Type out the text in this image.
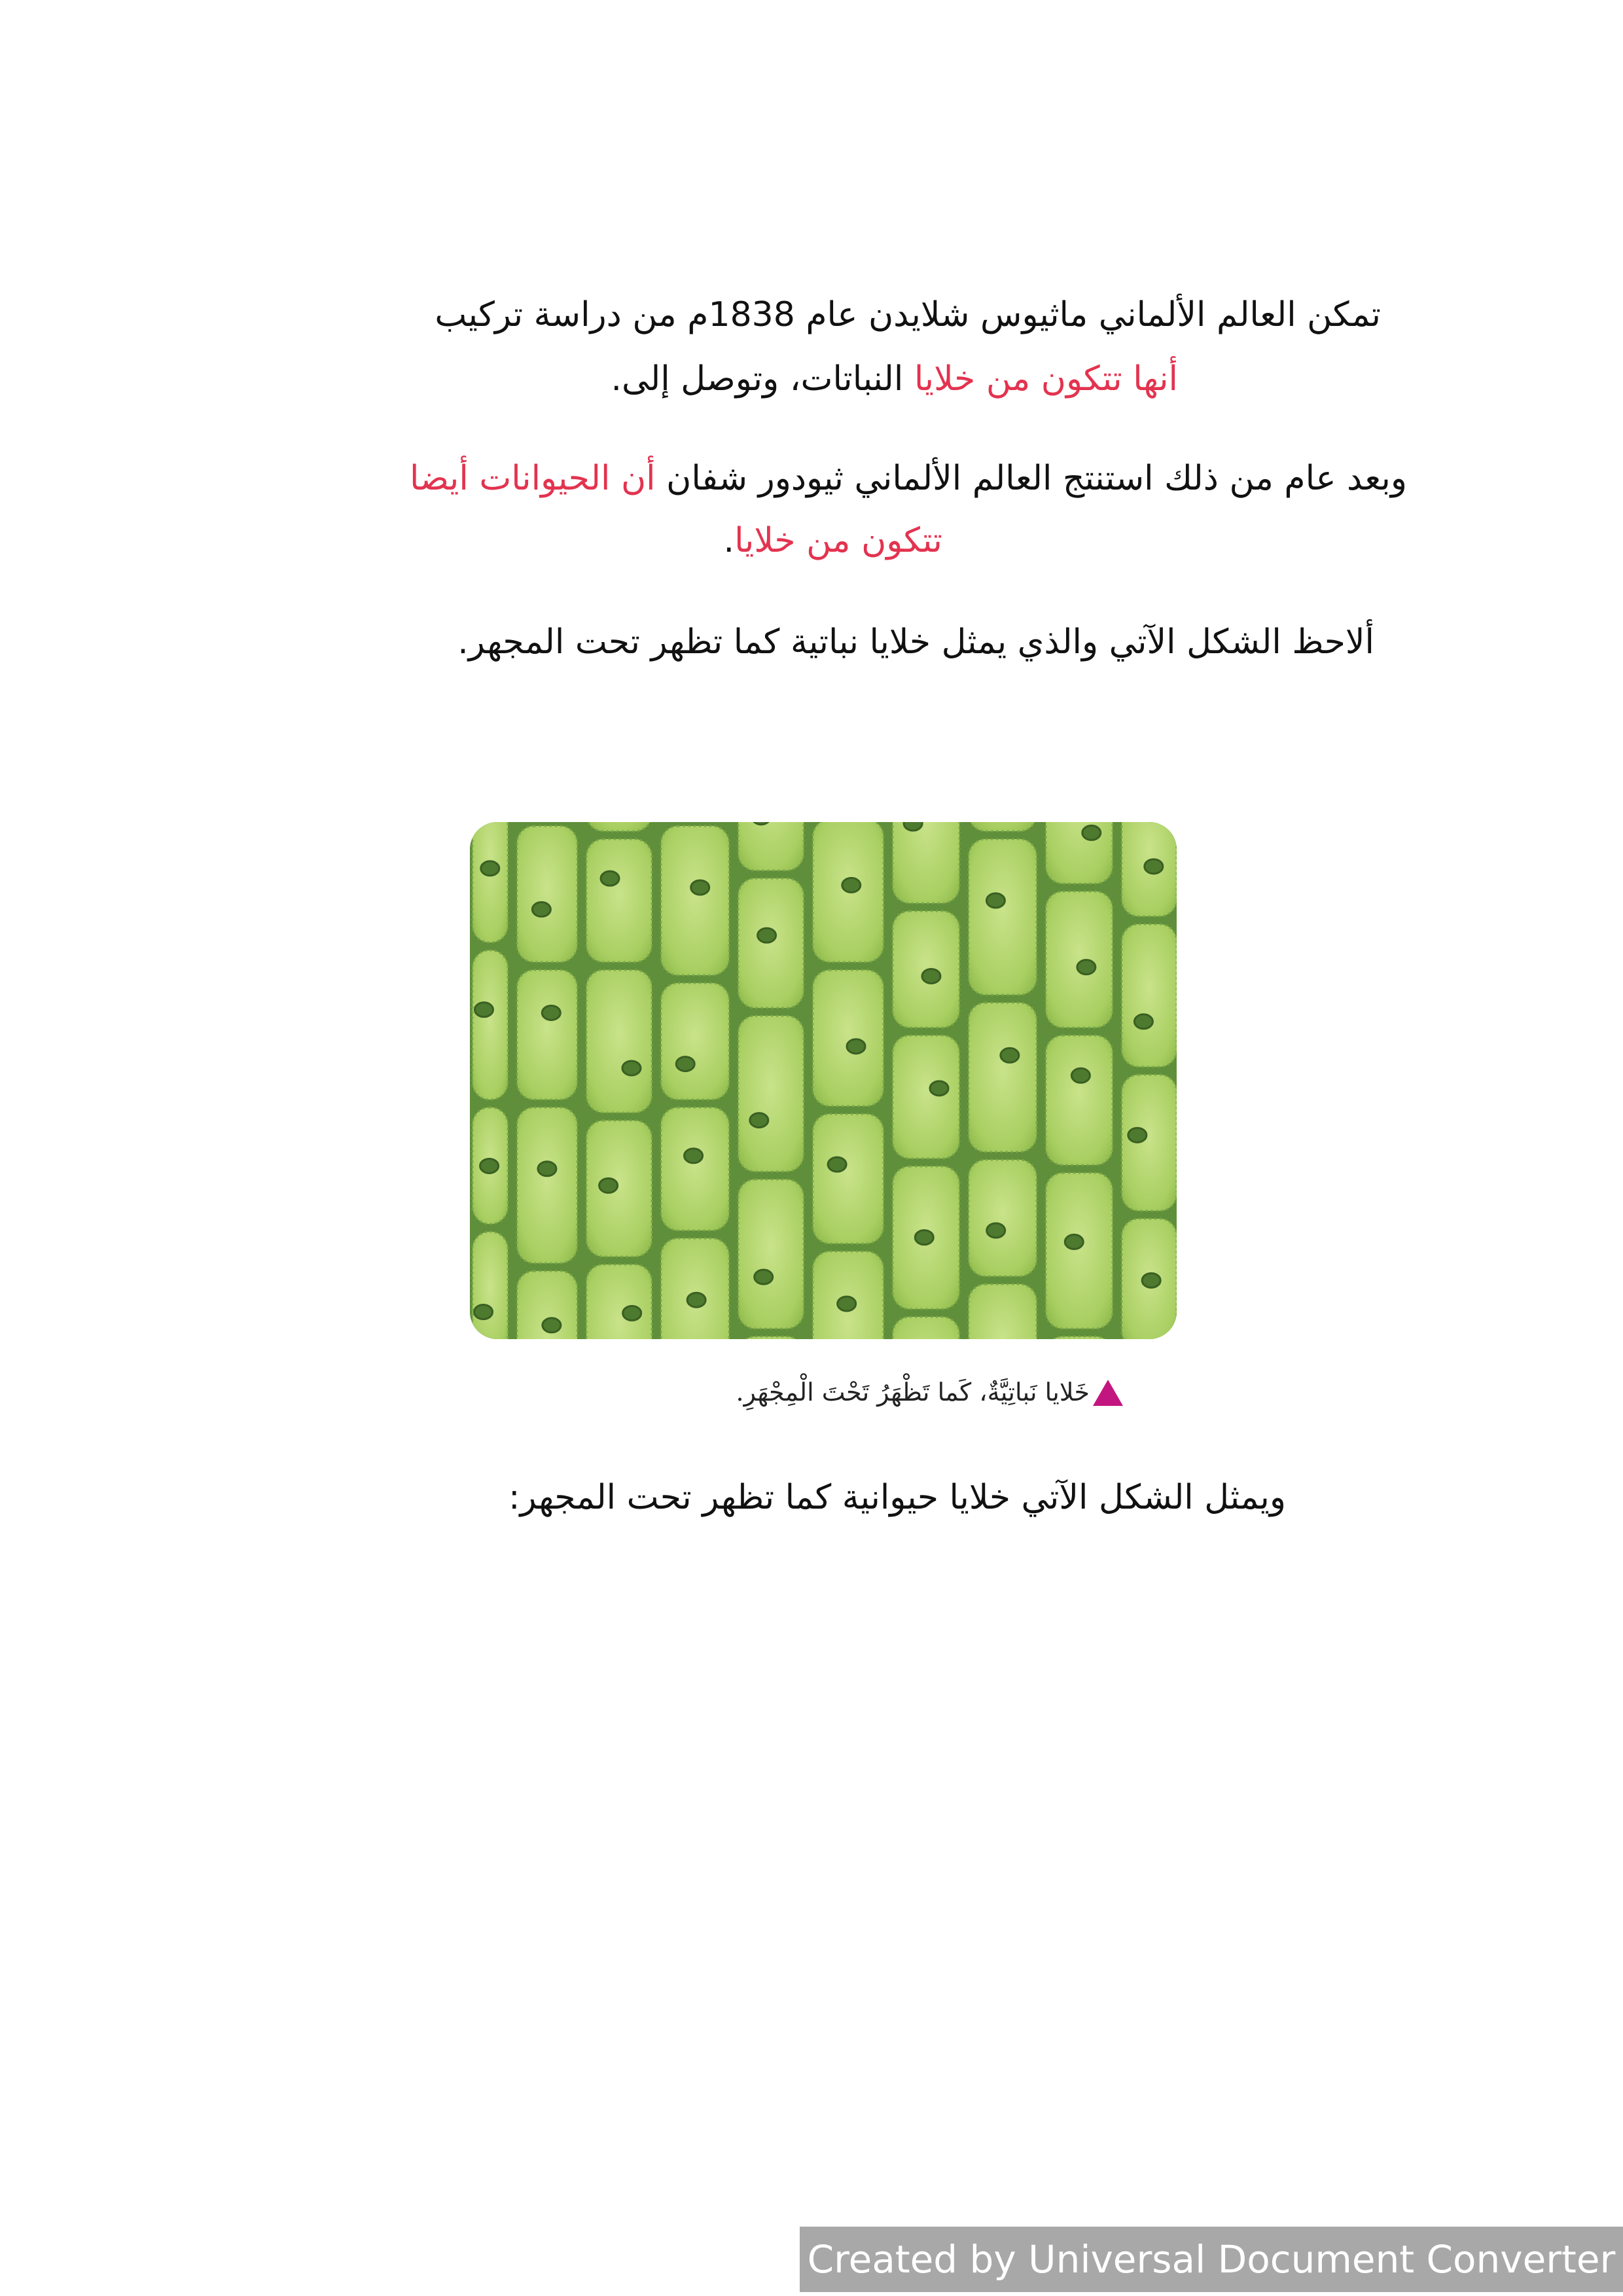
تمكن العالم الألماني ماثيوس شلايدن عام 1838م من دراسة تركيب
أنها تتكون من خلايا النباتات، وتوصل إلى.
وبعد عام من ذلك استنتج العالم الألماني ثيودور شفان أن الحيوانات أيضا
تتكون من خلايا.
ألاحظ الشكل الآتي والذي يمثل خلايا نباتية كما تظهر تحت المجهر.
خَلايا نَباتِيَّةٌ، كَما تَظْهَرُ تَحْتَ الْمِجْهَرِ.
ويمثل الشكل الآتي خلايا حيوانية كما تظهر تحت المجهر:
Created by Universal Document Converter
